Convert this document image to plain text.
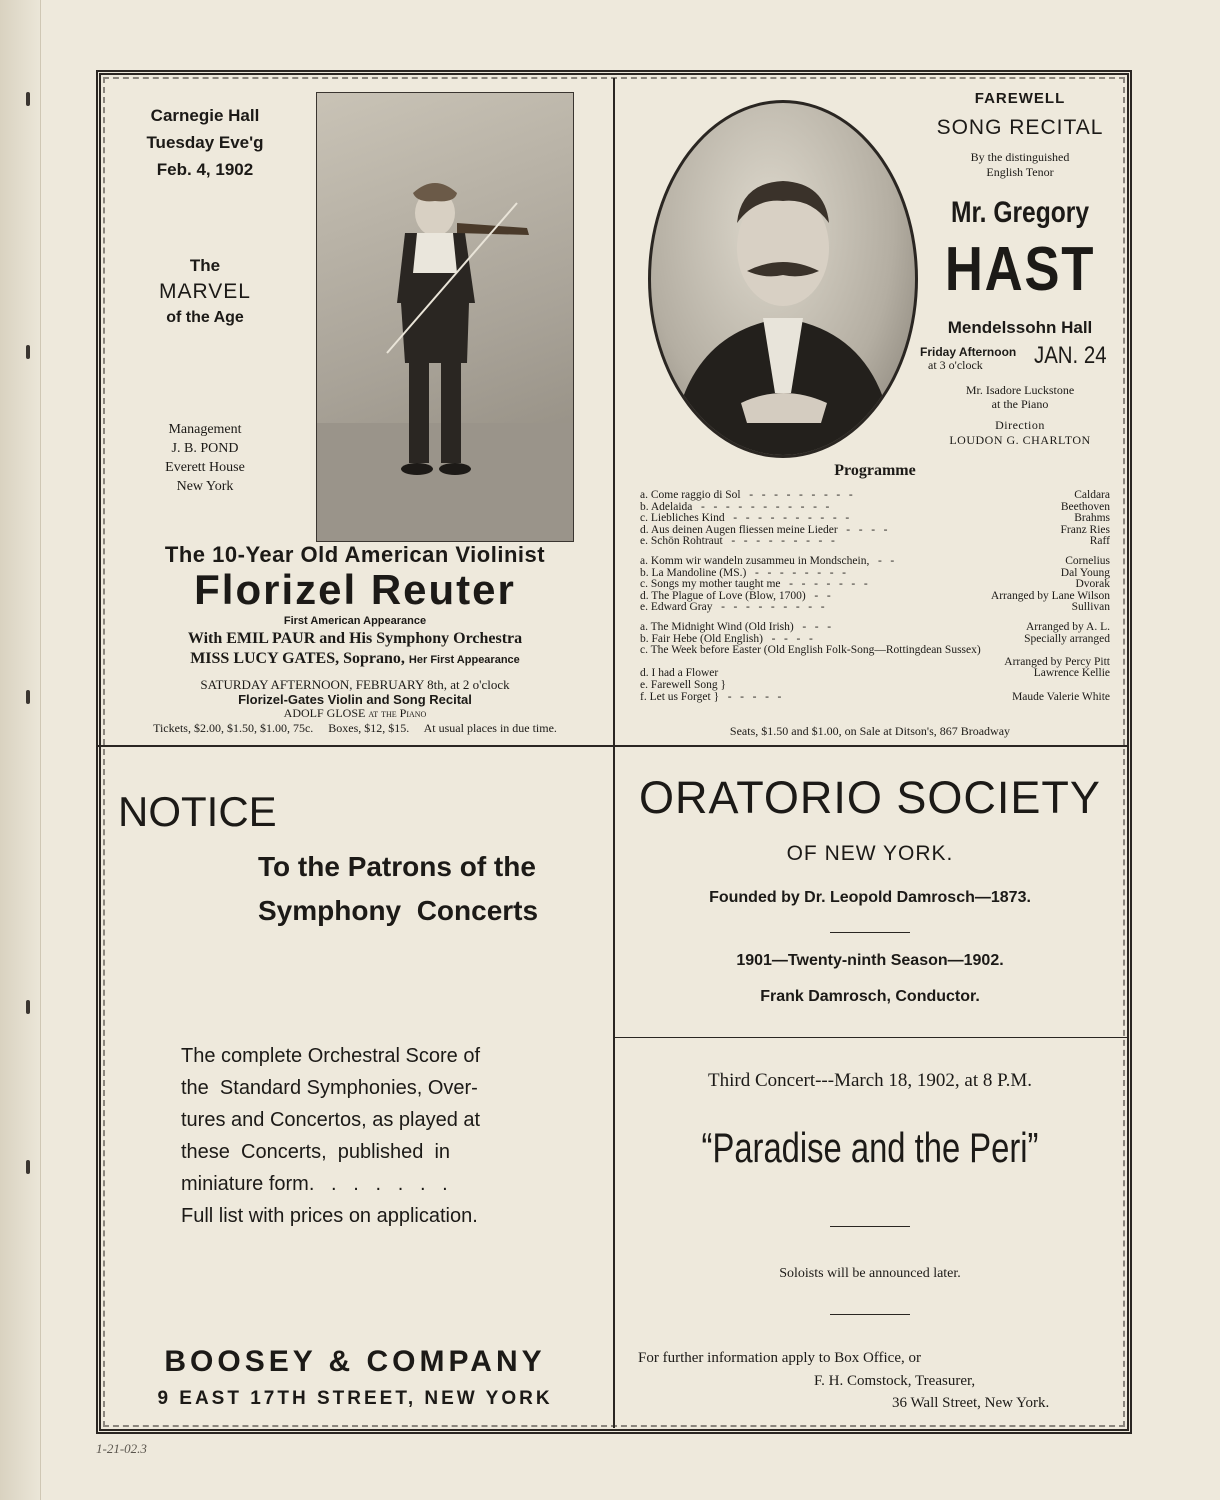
Carnegie Hall
Tuesday Eve'g
Feb. 4, 1902
The
MARVEL
of the Age
Management
J. B. POND
Everett House
New York
The 10-Year Old American Violinist
Florizel Reuter
First American Appearance
With EMIL PAUR and His Symphony Orchestra
MISS LUCY GATES, Soprano, Her First Appearance
SATURDAY AFTERNOON, FEBRUARY 8th, at 2 o'clock
Florizel-Gates Violin and Song Recital
ADOLF GLOSE at the Piano
Tickets, $2.00, $1.50, $1.00, 75c.     Boxes, $12, $15.     At usual places in due time.
FAREWELL
SONG RECITAL
By the distinguished
English Tenor
Mr. Gregory
HAST
Mendelssohn Hall
Friday Afternoon
at 3 o'clock	JAN. 24
Mr. Isadore Luckstone
at the Piano
Direction
LOUDON G. CHARLTON
Programme
a. Come raggio di Sol   -   -   -   -   -   -   -   -   -	Caldara
b. Adelaida   -   -   -   -   -   -   -   -   -   -   -	Beethoven
c. Liebliches Kind   -   -   -   -   -   -   -   -   -   -	Brahms
d. Aus deinen Augen fliessen meine Lieder   -   -   -   -	Franz Ries
e. Schön Rohtraut   -   -   -   -   -   -   -   -   -	Raff
a. Komm wir wandeln zusammeu in Mondschein,   -   -	Cornelius
b. La Mandoline (MS.)   -   -   -   -   -   -   -   -	Dal Young
c. Songs my mother taught me   -   -   -   -   -   -   -	Dvorak
d. The Plague of Love (Blow, 1700)   -   -	Arranged by Lane Wilson
e. Edward Gray   -   -   -   -   -   -   -   -   -	Sullivan
a. The Midnight Wind (Old Irish)   -   -   -	Arranged by A. L.
b. Fair Hebe (Old English)   -   -   -   -	Specially arranged
c. The Week before Easter (Old English Folk-Song—Rottingdean Sussex)
Arranged by Percy Pitt
d. I had a Flower	Lawrence Kellie
e. Farewell Song }
f. Let us Forget }   -   -   -   -   -	Maude Valerie White
Seats, $1.50 and $1.00, on Sale at Ditson's, 867 Broadway
NOTICE
To the Patrons of the
Symphony  Concerts
The complete Orchestral Score of
the  Standard Symphonies, Over-
tures and Concertos, as played at
these  Concerts,  published  in
miniature form.   .   .   .   .   .   .
Full list with prices on application.
BOOSEY & COMPANY
9 EAST 17TH STREET, NEW YORK
ORATORIO SOCIETY
OF NEW YORK.
Founded by Dr. Leopold Damrosch—1873.
1901—Twenty-ninth Season—1902.
Frank Damrosch, Conductor.
Third Concert---March 18, 1902, at 8 P.M.
“Paradise and the Peri”
Soloists will be announced later.
For further information apply to Box Office, or
F. H. Comstock, Treasurer,
36 Wall Street, New York.
1-21-02.3
